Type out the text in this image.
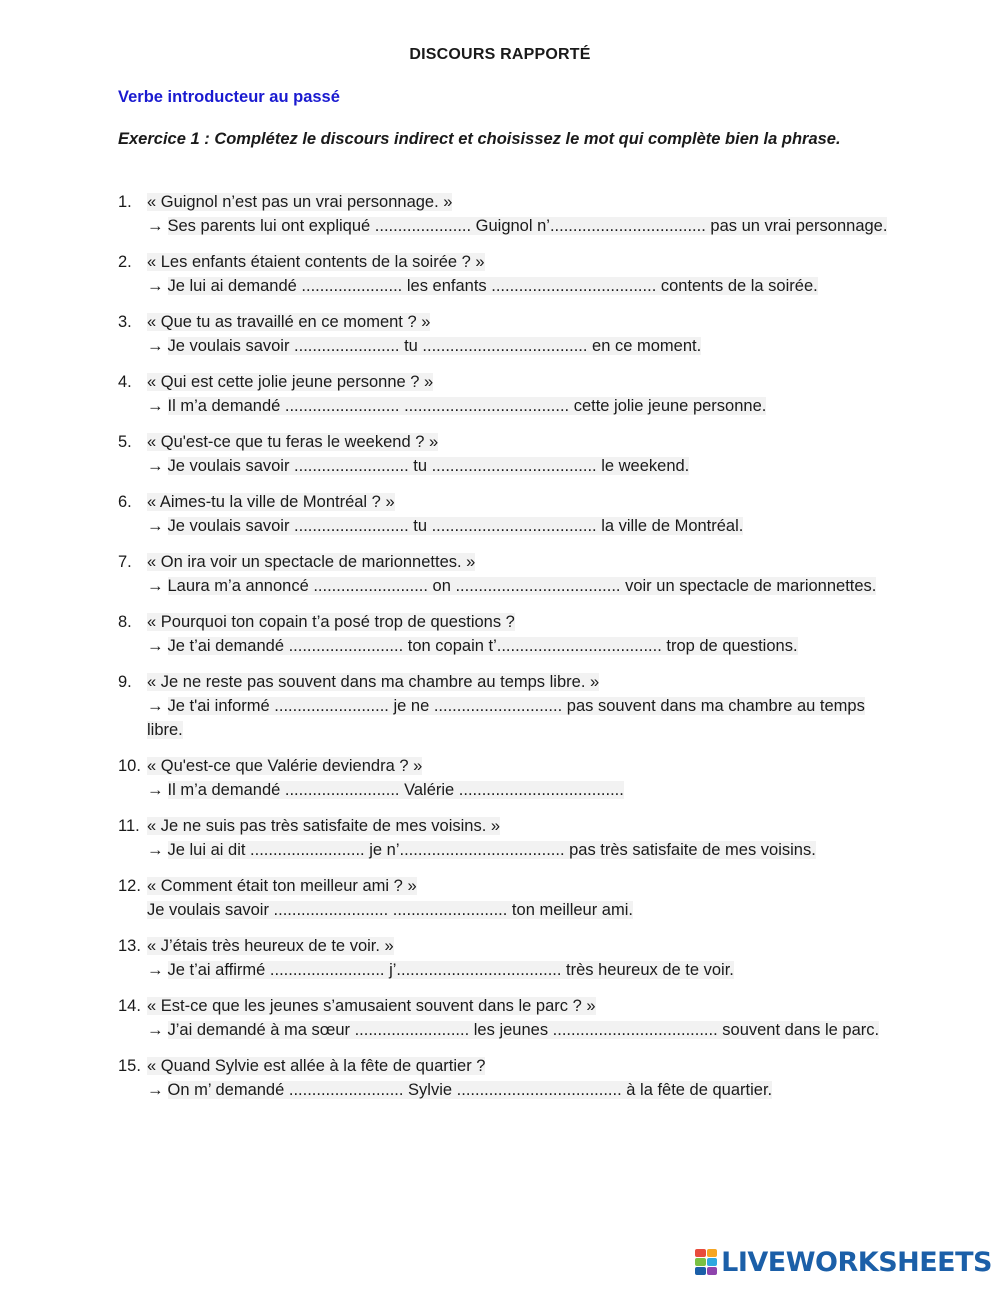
DISCOURS RAPPORTÉ
Verbe introducteur au passé
Exercice 1 : Complétez le discours indirect et choisissez le mot qui complète bien la phrase.
1. « Guignol n’est pas un vrai personnage. »
→ Ses parents lui ont expliqué ..................... Guignol n’.................................. pas un vrai personnage.
2. « Les enfants étaient contents de la soirée ? »
→ Je lui ai demandé ...................... les enfants .................................... contents de la soirée.
3. « Que tu as travaillé en ce moment ? »
→ Je voulais savoir ....................... tu .................................... en ce moment.
4. « Qui est cette jolie jeune personne ? »
→ Il m’a demandé ......................... .................................... cette jolie jeune personne.
5. « Qu'est-ce que tu feras le weekend ? »
→ Je voulais savoir ......................... tu .................................... le weekend.
6. « Aimes-tu la ville de Montréal ? »
→ Je voulais savoir ......................... tu .................................... la ville de Montréal.
7. « On ira voir un spectacle de marionnettes. »
→ Laura m’a annoncé ......................... on .................................... voir un spectacle de marionnettes.
8. « Pourquoi ton copain t’a posé trop de questions ?
→ Je t’ai demandé ......................... ton copain t’.................................... trop de questions.
9. « Je ne reste pas souvent dans ma chambre au temps libre. »
→ Je t'ai informé ......................... je ne ............................ pas souvent dans ma chambre au temps libre.
10. « Qu'est-ce que Valérie deviendra ? »
→ Il m’a demandé ......................... Valérie ....................................
11. « Je ne suis pas très satisfaite de mes voisins. »
→ Je lui ai dit ......................... je n’.................................... pas très satisfaite de mes voisins.
12. « Comment était ton meilleur ami ? »
Je voulais savoir ......................... ......................... ton meilleur ami.
13. « J’étais très heureux de te voir. »
→ Je t’ai affirmé ......................... j’.................................... très heureux de te voir.
14. « Est-ce que les jeunes s’amusaient souvent dans le parc ? »
→ J’ai demandé à ma sœur ......................... les jeunes .................................... souvent dans le parc.
15. « Quand Sylvie est allée à la fête de quartier ?
→ On m’ demandé ......................... Sylvie .................................... à la fête de quartier.
LIVEWORKSHEETS
